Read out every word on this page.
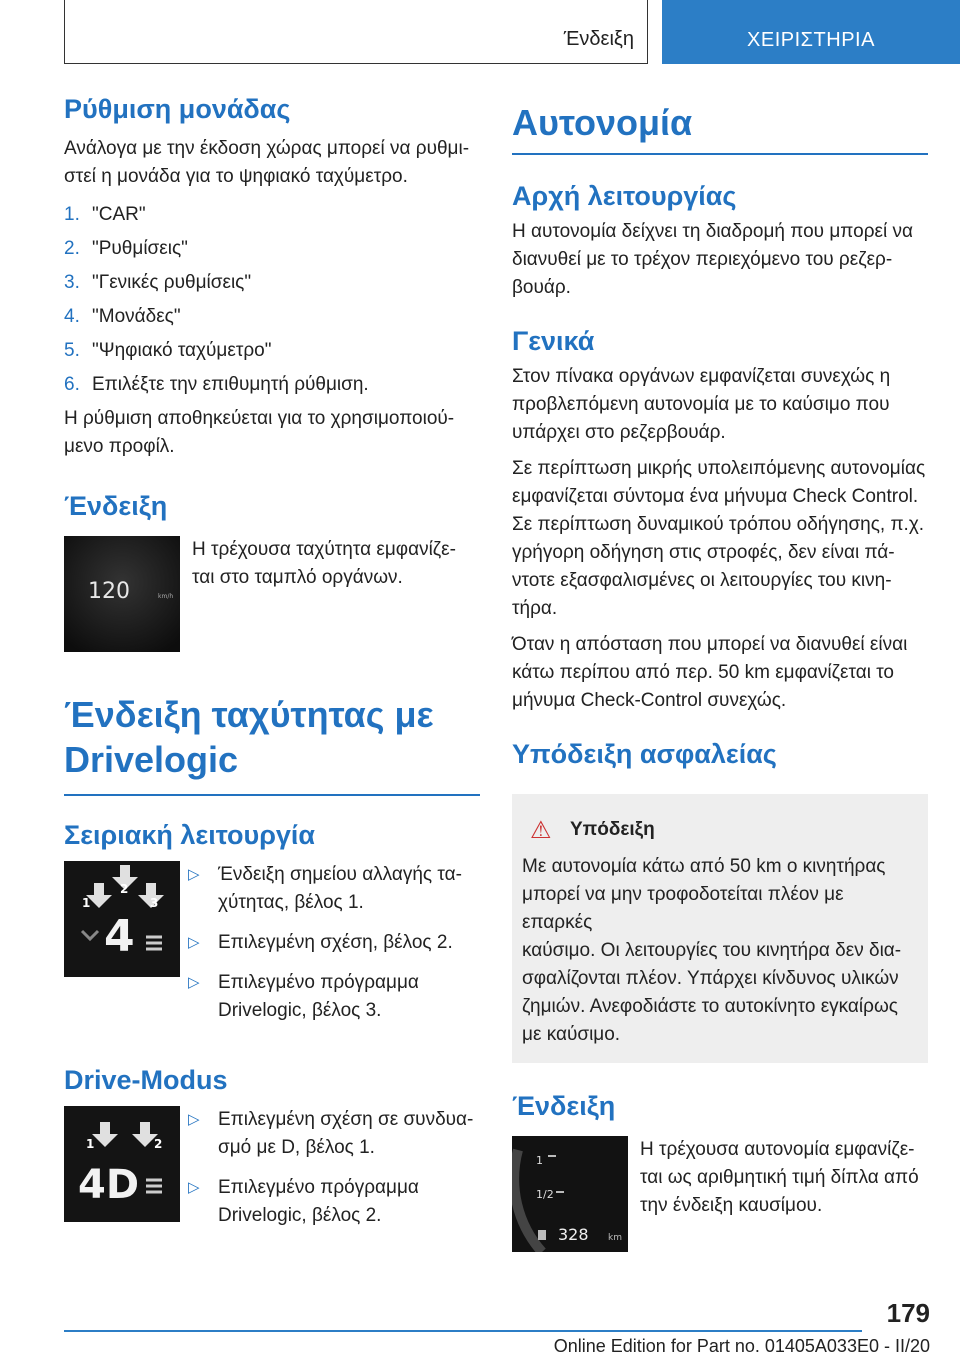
Ένδειξη	ΧΕΙΡΙΣΤΗΡΙΑ
Ρύθμιση μονάδας

Ανάλογα με την έκδοση χώρας μπορεί να ρυθμι-
στεί η μονάδα για το ψηφιακό ταχύμετρο.

1. "CAR"
2. "Ρυθμίσεις"
3. "Γενικές ρυθμίσεις"
4. "Μονάδες"
5. "Ψηφιακό ταχύμετρο"
6. Επιλέξτε την επιθυμητή ρύθμιση.

Η ρύθμιση αποθηκεύεται για το χρησιμοποιού-
μενο προφίλ.

Ένδειξη
120	km/h

Η τρέχουσα ταχύτητα εμφανίζε-
ται στο ταμπλό οργάνων.

Ένδειξη ταχύτητας με
Drivelogic
Σειριακή λειτουργία
1
2
3
4
▷ Ένδειξη σημείου αλλαγής τα-
χύτητας, βέλος 1.
▷ Επιλεγμένη σχέση, βέλος 2.
▷ Επιλεγμένο πρόγραμμα
Drivelogic, βέλος 3.
Drive-Modus
1	2
4D
▷ Επιλεγμένη σχέση σε συνδυα-
σμό με D, βέλος 1.
▷ Επιλεγμένο πρόγραμμα
Drivelogic, βέλος 2.
Αυτονομία
Αρχή λειτουργίας

Η αυτονομία δείχνει τη διαδρομή που μπορεί να
διανυθεί με το τρέχον περιεχόμενο του ρεζερ-
βουάρ.

Γενικά

Στον πίνακα οργάνων εμφανίζεται συνεχώς η
προβλεπόμενη αυτονομία με το καύσιμο που
υπάρχει στο ρεζερβουάρ.

Σε περίπτωση μικρής υπολειπόμενης αυτονομίας
εμφανίζεται σύντομα ένα μήνυμα Check Control.
Σε περίπτωση δυναμικού τρόπου οδήγησης, π.χ.
γρήγορη οδήγηση στις στροφές, δεν είναι πά-
ντοτε εξασφαλισμένες οι λειτουργίες του κινη-
τήρα.

Όταν η απόσταση που μπορεί να διανυθεί είναι
κάτω περίπου από περ. 50 km εμφανίζεται το
μήνυμα Check-Control συνεχώς.

Υπόδειξη ασφαλείας
⚠ Υπόδειξη

Με αυτονομία κάτω από 50 km ο κινητήρας
μπορεί να μην τροφοδοτείται πλέον με επαρκές
καύσιμο. Οι λειτουργίες του κινητήρα δεν δια-
σφαλίζονται πλέον. Υπάρχει κίνδυνος υλικών
ζημιών. Ανεφοδιάστε το αυτοκίνητο εγκαίρως
με καύσιμο.

Ένδειξη
1
1/2
328 km

Η τρέχουσα αυτονομία εμφανίζε-
ται ως αριθμητική τιμή δίπλα από
την ένδειξη καυσίμου.

179
Online Edition for Part no. 01405A033E0 - II/20
